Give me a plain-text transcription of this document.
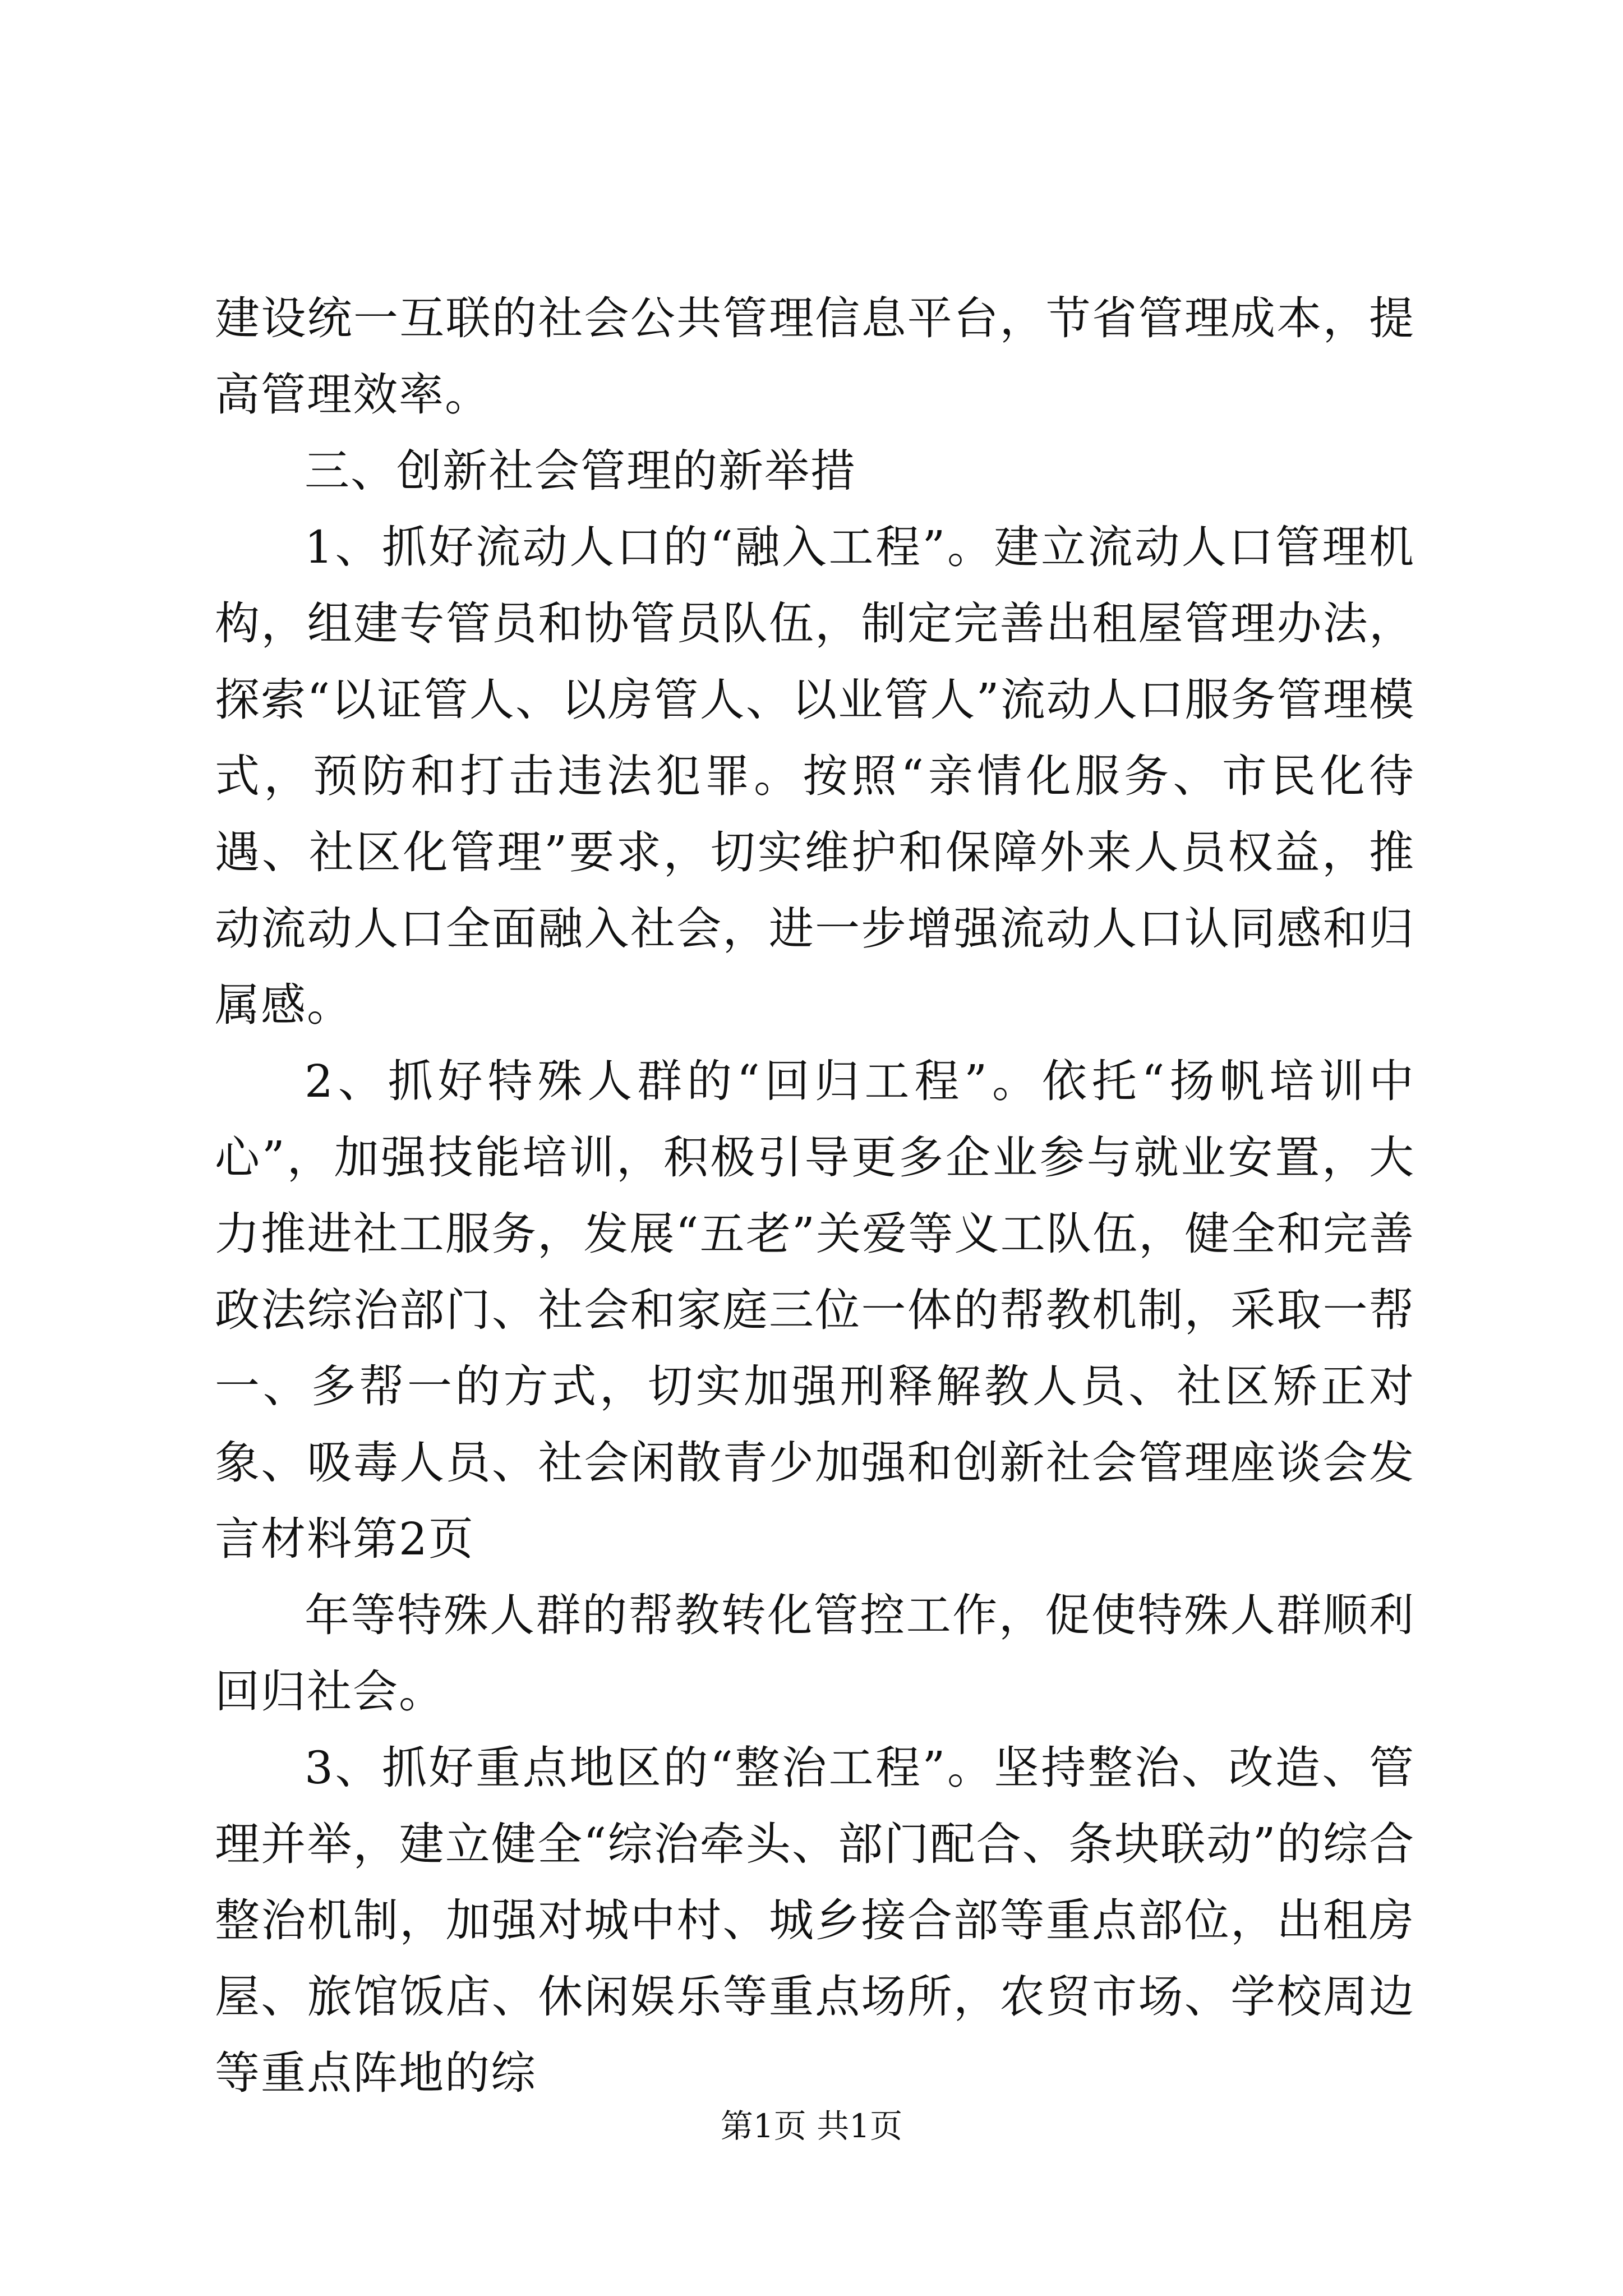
建设统一互联的社会公共管理信息平台，节省管理成本，提高管理效率。

三、创新社会管理的新举措

1、抓好流动人口的“融入工程”。建立流动人口管理机构，组建专管员和协管员队伍，制定完善出租屋管理办法，探索“以证管人、以房管人、以业管人”流动人口服务管理模式，预防和打击违法犯罪。按照“亲情化服务、市民化待遇、社区化管理”要求，切实维护和保障外来人员权益，推动流动人口全面融入社会，进一步增强流动人口认同感和归属感。

2、抓好特殊人群的“回归工程”。依托“扬帆培训中心”，加强技能培训，积极引导更多企业参与就业安置，大力推进社工服务，发展“五老”关爱等义工队伍，健全和完善政法综治部门、社会和家庭三位一体的帮教机制，采取一帮一、多帮一的方式，切实加强刑释解教人员、社区矫正对象、吸毒人员、社会闲散青少加强和创新社会管理座谈会发言材料第2页

年等特殊人群的帮教转化管控工作，促使特殊人群顺利回归社会。

3、抓好重点地区的“整治工程”。坚持整治、改造、管理并举，建立健全“综治牵头、部门配合、条块联动”的综合整治机制，加强对城中村、城乡接合部等重点部位，出租房屋、旅馆饭店、休闲娱乐等重点场所，农贸市场、学校周边等重点阵地的综

第1页 共1页
